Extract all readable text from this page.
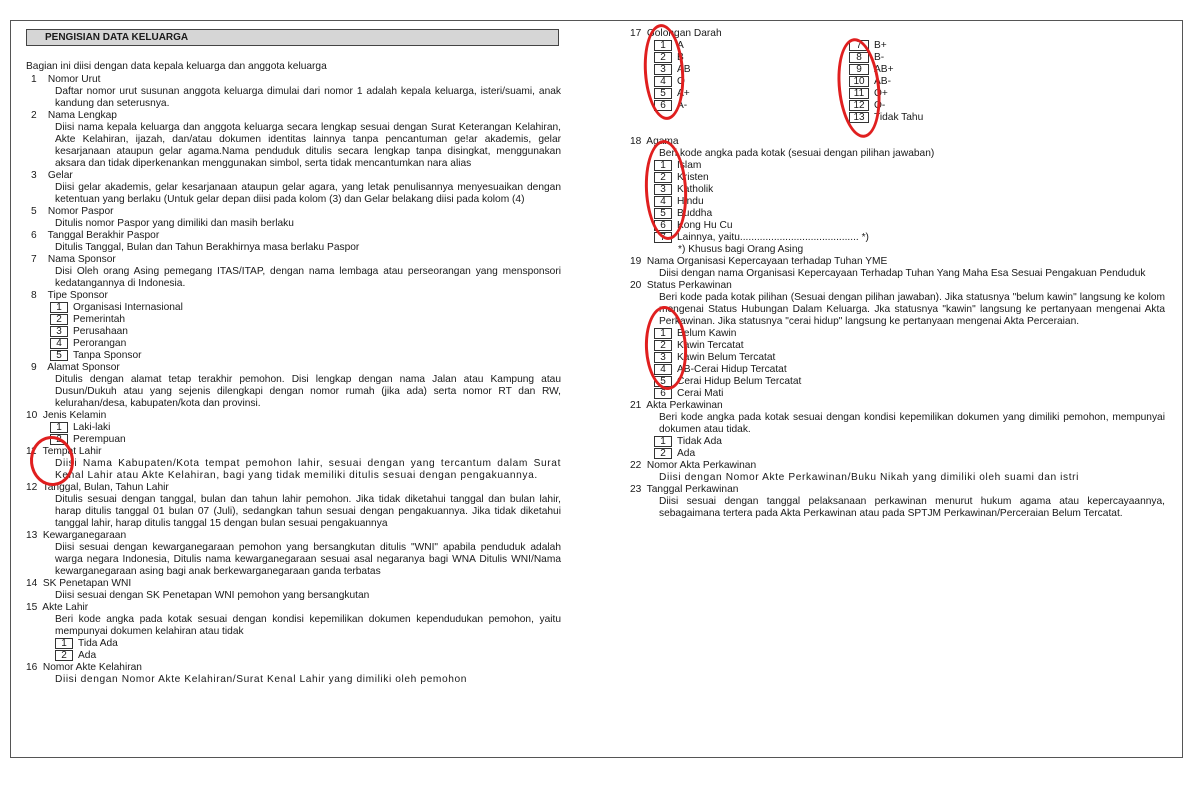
PENGISIAN DATA KELUARGA
Bagian ini diisi dengan data kepala keluarga dan anggota keluarga
1 Nomor Urut
Daftar nomor urut susunan anggota keluarga dimulai dari nomor 1 adalah kepala keluarga, isteri/suami, anak kandung dan seterusnya.
2 Nama Lengkap
Diisi nama kepala keluarga dan anggota keluarga secara lengkap sesuai dengan Surat Keterangan Kelahiran, Akte Kelahiran, ijazah, dan/atau dokumen identitas lainnya tanpa pencantuman ge!ar akademis, gelar kesarjanaan ataupun gelar agama.Nama penduduk ditulis secara lengkap tanpa disingkat, menggunakan aksara dan tidak diperkenankan menggunakan simbol, serta tidak mencantumkan nara alias
3 Gelar
Diisi gelar akademis, gelar kesarjanaan ataupun gelar agara, yang letak penulisannya menyesuaikan dengan ketentuan yang berlaku (Untuk gelar depan diisi pada kolom (3) dan Gelar belakang diisi pada kolom (4)
5 Nomor Paspor
Ditulis nomor Paspor yang dimiliki dan masih berlaku
6 Tanggal Berakhir Paspor
Ditulis Tanggal, Bulan dan Tahun Berakhirnya masa berlaku Paspor
7 Nama Sponsor
Disi Oleh orang Asing pemegang ITAS/ITAP, dengan nama lembaga atau perseorangan yang mensponsori kedatangannya di Indonesia.
8 Tipe Sponsor
1 Organisasi Internasional
2 Pemerintah
3 Perusahaan
4 Perorangan
5 Tanpa Sponsor
9 Alamat Sponsor
Ditulis dengan alamat tetap terakhir pemohon. Disi lengkap dengan nama Jalan atau Kampung atau Dusun/Dukuh atau yang sejenis dilengkapi dengan nomor rumah (jika ada) serta nomor RT dan RW, kelurahan/desa, kabupaten/kota dan provinsi.
10 Jenis Kelamin
1 Laki-laki
2 Perempuan
11 Tempat Lahir
Diisi Nama Kabupaten/Kota tempat pemohon lahir, sesuai dengan yang tercantum dalam Surat Kenal Lahir atau Akte Kelahiran, bagi yang tidak memiliki ditulis sesuai dengan pengakuannya.
12 Tanggal, Bulan, Tahun Lahir
Ditulis sesuai dengan tanggal, bulan dan tahun lahir pemohon. Jika tidak diketahui tanggal dan bulan lahir, harap ditulis tanggal 01 bulan 07 (Juli), sedangkan tahun sesuai dengan pengakuannya. Jika tidak diketahui tanggal lahir, harap ditulis tanggal 15 dengan bulan sesuai pengakuannya
13 Kewarganegaraan
Diisi sesuai dengan kewarganegaraan pemohon yang bersangkutan ditulis "WNI" apabila penduduk adalah warga negara Indonesia, Ditulis nama kewarganegaraan sesuai asal negaranya bagi WNA Ditulis WNI/Nama kewarganegaraan asing bagi anak berkewarganegaraan ganda terbatas
14 SK Penetapan WNI
Diisi sesuai dengan SK Penetapan WNI pemohon yang bersangkutan
15 Akte Lahir
Beri kode angka pada kotak sesuai dengan kondisi kepemilikan dokumen kependudukan pemohon, yaitu mempunyai dokumen kelahiran atau tidak
1 Tida Ada
2 Ada
16 Nomor Akte Kelahiran
Diisi dengan Nomor Akte Kelahiran/Surat Kenal Lahir yang dimiliki oleh pemohon
17 Golongan Darah
1 A
2 B
3 AB
4 O
5 A+
6 A-
7 B+
8 B-
9 AB+
10 AB-
11 O+
12 O-
13 Tidak Tahu
18 Agama
Beri kode angka pada kotak (sesuai dengan pilihan jawaban)
1 Islam
2 Kristen
3 Katholik
4 Hindu
5 Buddha
6 Kong Hu Cu
7 Lainnya, yaitu.......................................... *)
*) Khusus bagi Orang Asing
19 Nama Organisasi Kepercayaan terhadap Tuhan YME
Diisi dengan nama Organisasi Kepercayaan Terhadap Tuhan Yang Maha Esa Sesuai Pengakuan Penduduk
20 Status Perkawinan
Beri kode pada kotak pilihan (Sesuai dengan pilihan jawaban). Jika statusnya "belum kawin" langsung ke kolom mengenai Status Hubungan Dalam Keluarga. Jka statusnya "kawin" langsung ke pertanyaan mengenai Akta Perkawinan. Jika statusnya "cerai hidup" langsung ke pertanyaan mengenai Akta Perceraian.
1 Belum Kawin
2 Kawin Tercatat
3 Kawin Belum Tercatat
4 AB-Cerai Hidup Tercatat
5 Cerai Hidup Belum Tercatat
6 Cerai Mati
21 Akta Perkawinan
Beri kode angka pada kotak sesuai dengan kondisi kepemilikan dokumen yang dimiliki pemohon, mempunyai dokumen atau tidak.
1 Tidak Ada
2 Ada
22 Nomor Akta Perkawinan
Diisi dengan Nomor Akte Perkawinan/Buku Nikah yang dimiliki oleh suami dan istri
23 Tanggal Perkawinan
Diisi sesuai dengan tanggal pelaksanaan perkawinan menurut hukum agama atau kepercayaannya, sebagaimana tertera pada Akta Perkawinan atau pada SPTJM Perkawinan/Perceraian Belum Tercatat.
